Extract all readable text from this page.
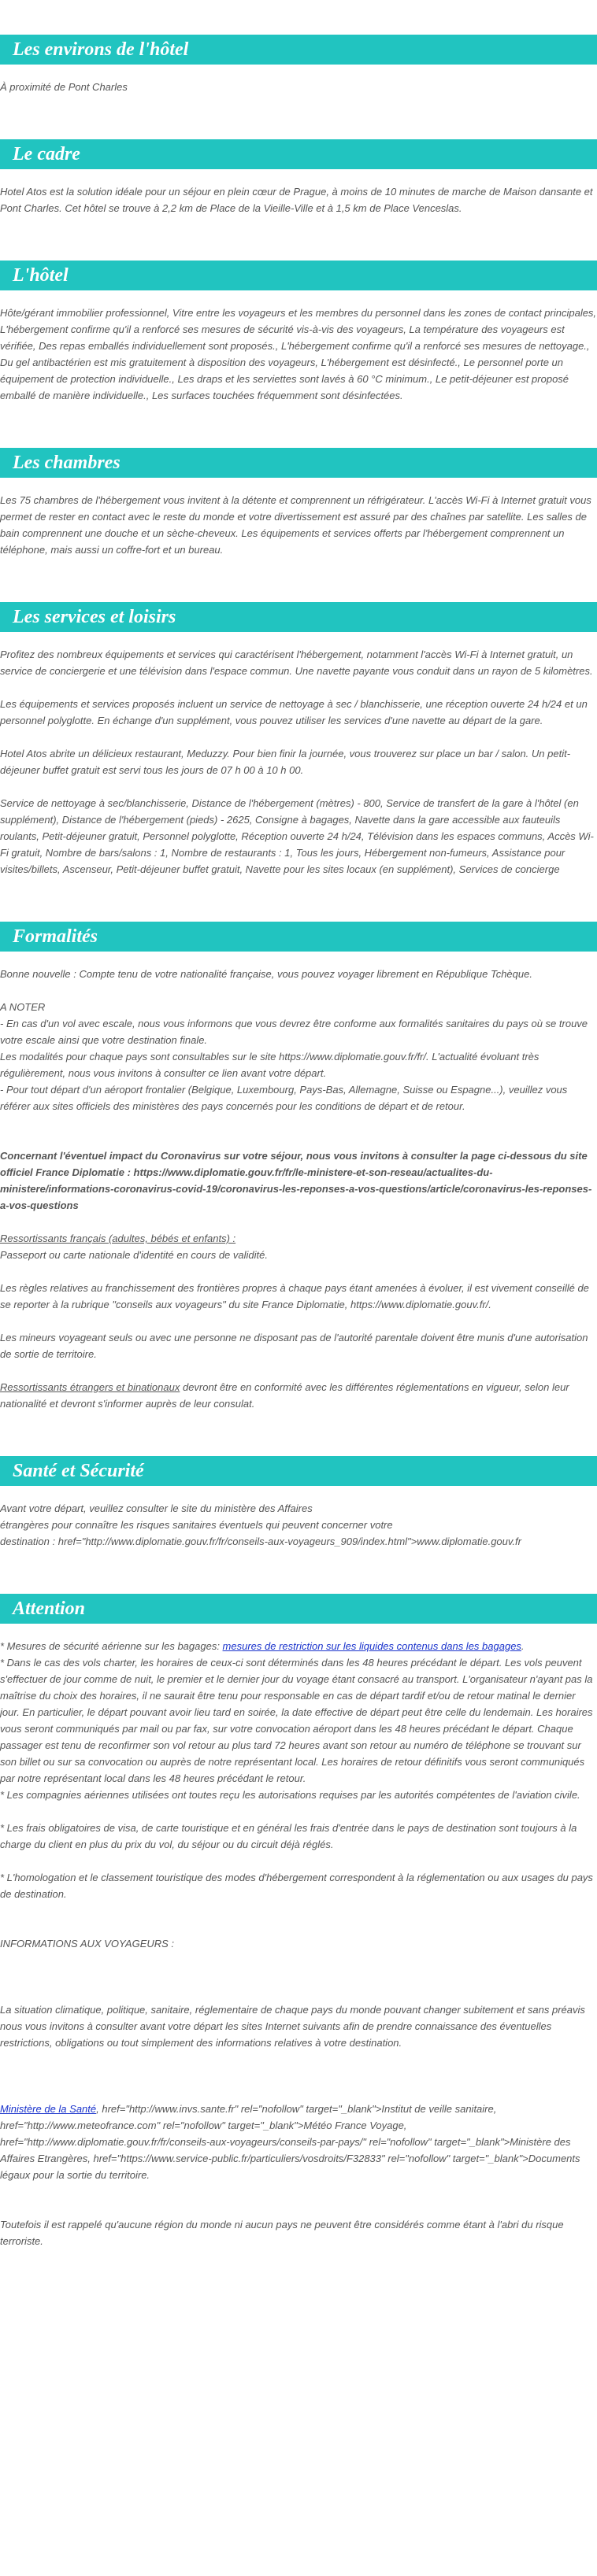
Les environs de l'hôtel

À proximité de Pont Charles

Le cadre

Hotel Atos est la solution idéale pour un séjour en plein cœur de Prague, à moins de 10 minutes de marche de Maison dansante et Pont Charles. Cet hôtel se trouve à 2,2 km de Place de la Vieille-Ville et à 1,5 km de Place Venceslas.

L'hôtel

Hôte/gérant immobilier professionnel, Vitre entre les voyageurs et les membres du personnel dans les zones de contact principales, L'hébergement confirme qu'il a renforcé ses mesures de sécurité vis-à-vis des voyageurs, La température des voyageurs est vérifiée, Des repas emballés individuellement sont proposés., L'hébergement confirme qu'il a renforcé ses mesures de nettoyage., Du gel antibactérien est mis gratuitement à disposition des voyageurs, L'hébergement est désinfecté., Le personnel porte un équipement de protection individuelle., Les draps et les serviettes sont lavés à 60 °C minimum., Le petit-déjeuner est proposé emballé de manière individuelle., Les surfaces touchées fréquemment sont désinfectées.

Les chambres

Les 75 chambres de l'hébergement vous invitent à la détente et comprennent un réfrigérateur. L'accès Wi-Fi à Internet gratuit vous permet de rester en contact avec le reste du monde et votre divertissement est assuré par des chaînes par satellite. Les salles de bain comprennent une douche et un sèche-cheveux. Les équipements et services offerts par l'hébergement comprennent un téléphone, mais aussi un coffre-fort et un bureau.

Les services et loisirs

Profitez des nombreux équipements et services qui caractérisent l'hébergement, notamment l'accès Wi-Fi à Internet gratuit, un service de conciergerie et une télévision dans l'espace commun. Une navette payante vous conduit dans un rayon de 5 kilomètres.

Les équipements et services proposés incluent un service de nettoyage à sec / blanchisserie, une réception ouverte 24 h/24 et un personnel polyglotte. En échange d'un supplément, vous pouvez utiliser les services d'une navette au départ de la gare.

Hotel Atos abrite un délicieux restaurant, Meduzzy. Pour bien finir la journée, vous trouverez sur place un bar / salon. Un petit-déjeuner buffet gratuit est servi tous les jours de 07 h 00 à 10 h 00.

Service de nettoyage à sec/blanchisserie, Distance de l'hébergement (mètres) - 800, Service de transfert de la gare à l'hôtel (en supplément), Distance de l'hébergement (pieds) - 2625, Consigne à bagages, Navette dans la gare accessible aux fauteuils roulants, Petit-déjeuner gratuit, Personnel polyglotte, Réception ouverte 24 h/24, Télévision dans les espaces communs, Accès Wi-Fi gratuit, Nombre de bars/salons : 1, Nombre de restaurants : 1, Tous les jours, Hébergement non-fumeurs, Assistance pour visites/billets, Ascenseur, Petit-déjeuner buffet gratuit, Navette pour les sites locaux (en supplément), Services de concierge

Formalités

Bonne nouvelle : Compte tenu de votre nationalité française, vous pouvez voyager librement en République Tchèque.

A NOTER

- En cas d'un vol avec escale, nous vous informons que vous devrez être conforme aux formalités sanitaires du pays où se trouve votre escale ainsi que votre destination finale.

Les modalités pour chaque pays sont consultables sur le site https://www.diplomatie.gouv.fr/fr/. L'actualité évoluant très régulièrement, nous vous invitons à consulter ce lien avant votre départ.

- Pour tout départ d'un aéroport frontalier (Belgique, Luxembourg, Pays-Bas, Allemagne, Suisse ou Espagne...), veuillez vous référer aux sites officiels des ministères des pays concernés pour les conditions de départ et de retour.

Concernant l'éventuel impact du Coronavirus sur votre séjour, nous vous invitons à consulter la page ci-dessous du site officiel France Diplomatie : https://www.diplomatie.gouv.fr/fr/le-ministere-et-son-reseau/actualites-du-ministere/informations-coronavirus-covid-19/coronavirus-les-reponses-a-vos-questions/article/coronavirus-les-reponses-a-vos-questions

Ressortissants français (adultes, bébés et enfants) :

Passeport ou carte nationale d'identité en cours de validité.

Les règles relatives au franchissement des frontières propres à chaque pays étant amenées à évoluer, il est vivement conseillé de se reporter à la rubrique "conseils aux voyageurs" du site France Diplomatie, https://www.diplomatie.gouv.fr/.

Les mineurs voyageant seuls ou avec une personne ne disposant pas de l'autorité parentale doivent être munis d'une autorisation de sortie de territoire.

Ressortissants étrangers et binationaux devront être en conformité avec les différentes réglementations en vigueur, selon leur nationalité et devront s'informer auprès de leur consulat.

Santé et Sécurité

Avant votre départ, veuillez consulter le site du ministère des Affaires

étrangères pour connaître les risques sanitaires éventuels qui peuvent concerner votre

destination : href="http://www.diplomatie.gouv.fr/fr/conseils-aux-voyageurs_909/index.html">www.diplomatie.gouv.fr

Attention

* Mesures de sécurité aérienne sur les bagages: mesures de restriction sur les liquides contenus dans les bagages.

* Dans le cas des vols charter, les horaires de ceux-ci sont déterminés dans les 48 heures précédant le départ. Les vols peuvent s'effectuer de jour comme de nuit, le premier et le dernier jour du voyage étant consacré au transport. L'organisateur n'ayant pas la maîtrise du choix des horaires, il ne saurait être tenu pour responsable en cas de départ tardif et/ou de retour matinal le dernier jour. En particulier, le départ pouvant avoir lieu tard en soirée, la date effective de départ peut être celle du lendemain. Les horaires vous seront communiqués par mail ou par fax, sur votre convocation aéroport dans les 48 heures précédant le départ. Chaque passager est tenu de reconfirmer son vol retour au plus tard 72 heures avant son retour au numéro de téléphone se trouvant sur son billet ou sur sa convocation ou auprès de notre représentant local. Les horaires de retour définitifs vous seront communiqués par notre représentant local dans les 48 heures précédant le retour.

* Les compagnies aériennes utilisées ont toutes reçu les autorisations requises par les autorités compétentes de l'aviation civile.

* Les frais obligatoires de visa, de carte touristique et en général les frais d'entrée dans le pays de destination sont toujours à la charge du client en plus du prix du vol, du séjour ou du circuit déjà réglés.

* L'homologation et le classement touristique des modes d'hébergement correspondent à la réglementation ou aux usages du pays de destination.

INFORMATIONS AUX VOYAGEURS :

La situation climatique, politique, sanitaire, réglementaire de chaque pays du monde pouvant changer subitement et sans préavis

nous vous invitons à consulter avant votre départ les sites Internet suivants afin de prendre connaissance des éventuelles restrictions, obligations ou tout simplement des informations relatives à votre destination.

Ministère de la Santé, href="http://www.invs.sante.fr" rel="nofollow" target="_blank">Institut de veille sanitaire, href="http://www.meteofrance.com" rel="nofollow" target="_blank">Météo France Voyage, href="http://www.diplomatie.gouv.fr/fr/conseils-aux-voyageurs/conseils-par-pays/" rel="nofollow" target="_blank">Ministère des Affaires Etrangères, href="https://www.service-public.fr/particuliers/vosdroits/F32833" rel="nofollow" target="_blank">Documents légaux pour la sortie du territoire.

Toutefois il est rappelé qu'aucune région du monde ni aucun pays ne peuvent être considérés comme étant à l'abri du risque terroriste.
